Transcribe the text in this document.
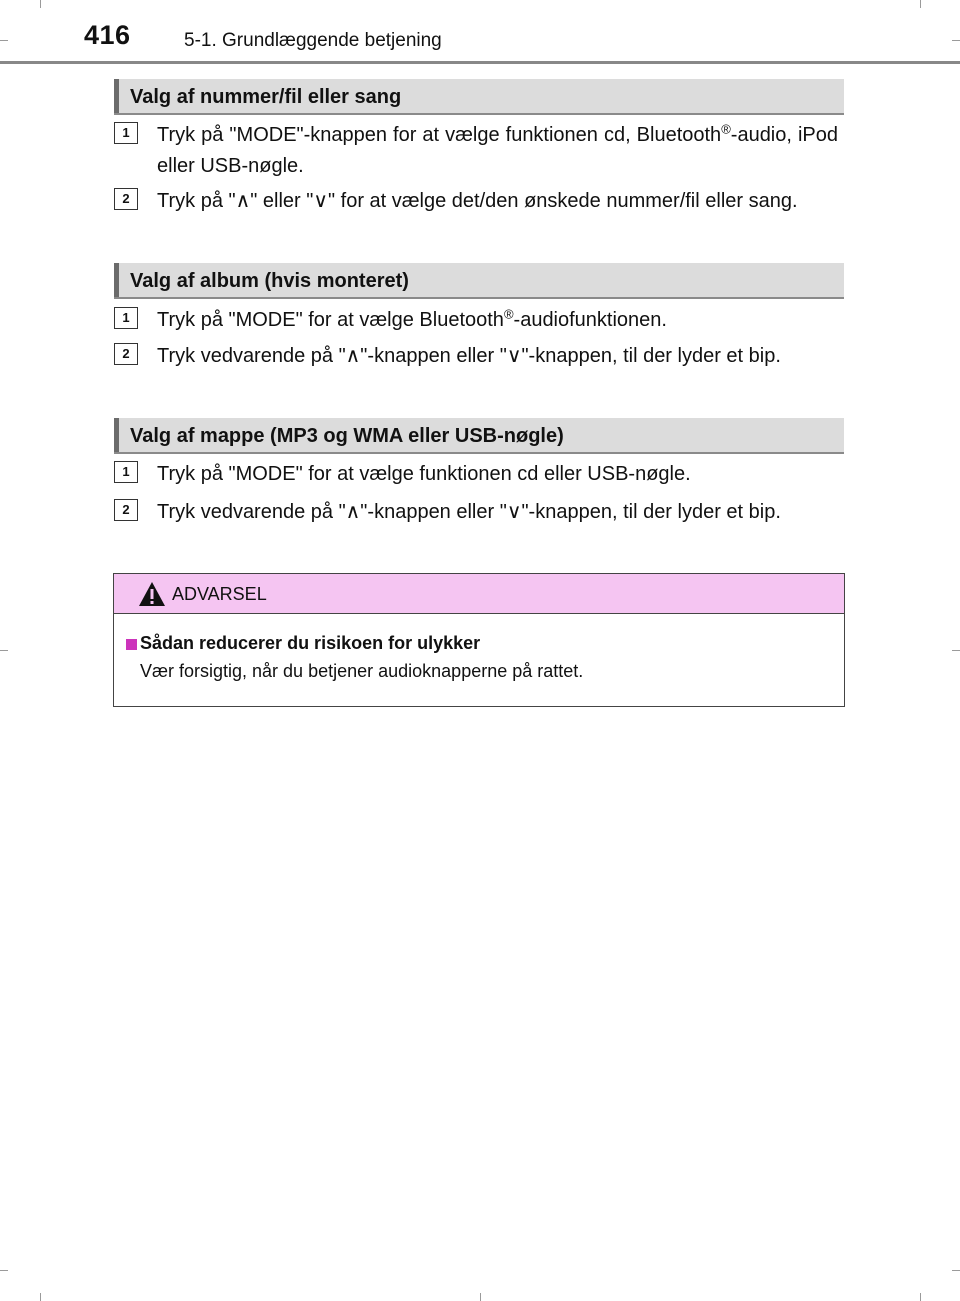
416	5-1. Grundlæggende betjening
Valg af nummer/fil eller sang
1	Tryk på "MODE"-knappen for at vælge funktionen cd, Bluetooth®-audio, iPod eller USB-nøgle.
2	Tryk på "∧" eller "∨" for at vælge det/den ønskede nummer/fil eller sang.
Valg af album (hvis monteret)
1	Tryk på "MODE" for at vælge Bluetooth®-audiofunktionen.
2	Tryk vedvarende på "∧"-knappen eller "∨"-knappen, til der lyder et bip.
Valg af mappe (MP3 og WMA eller USB-nøgle)
1	Tryk på "MODE" for at vælge funktionen cd eller USB-nøgle.
2	Tryk vedvarende på "∧"-knappen eller "∨"-knappen, til der lyder et bip.
ADVARSEL
Sådan reducerer du risikoen for ulykker
Vær forsigtig, når du betjener audioknapperne på rattet.
